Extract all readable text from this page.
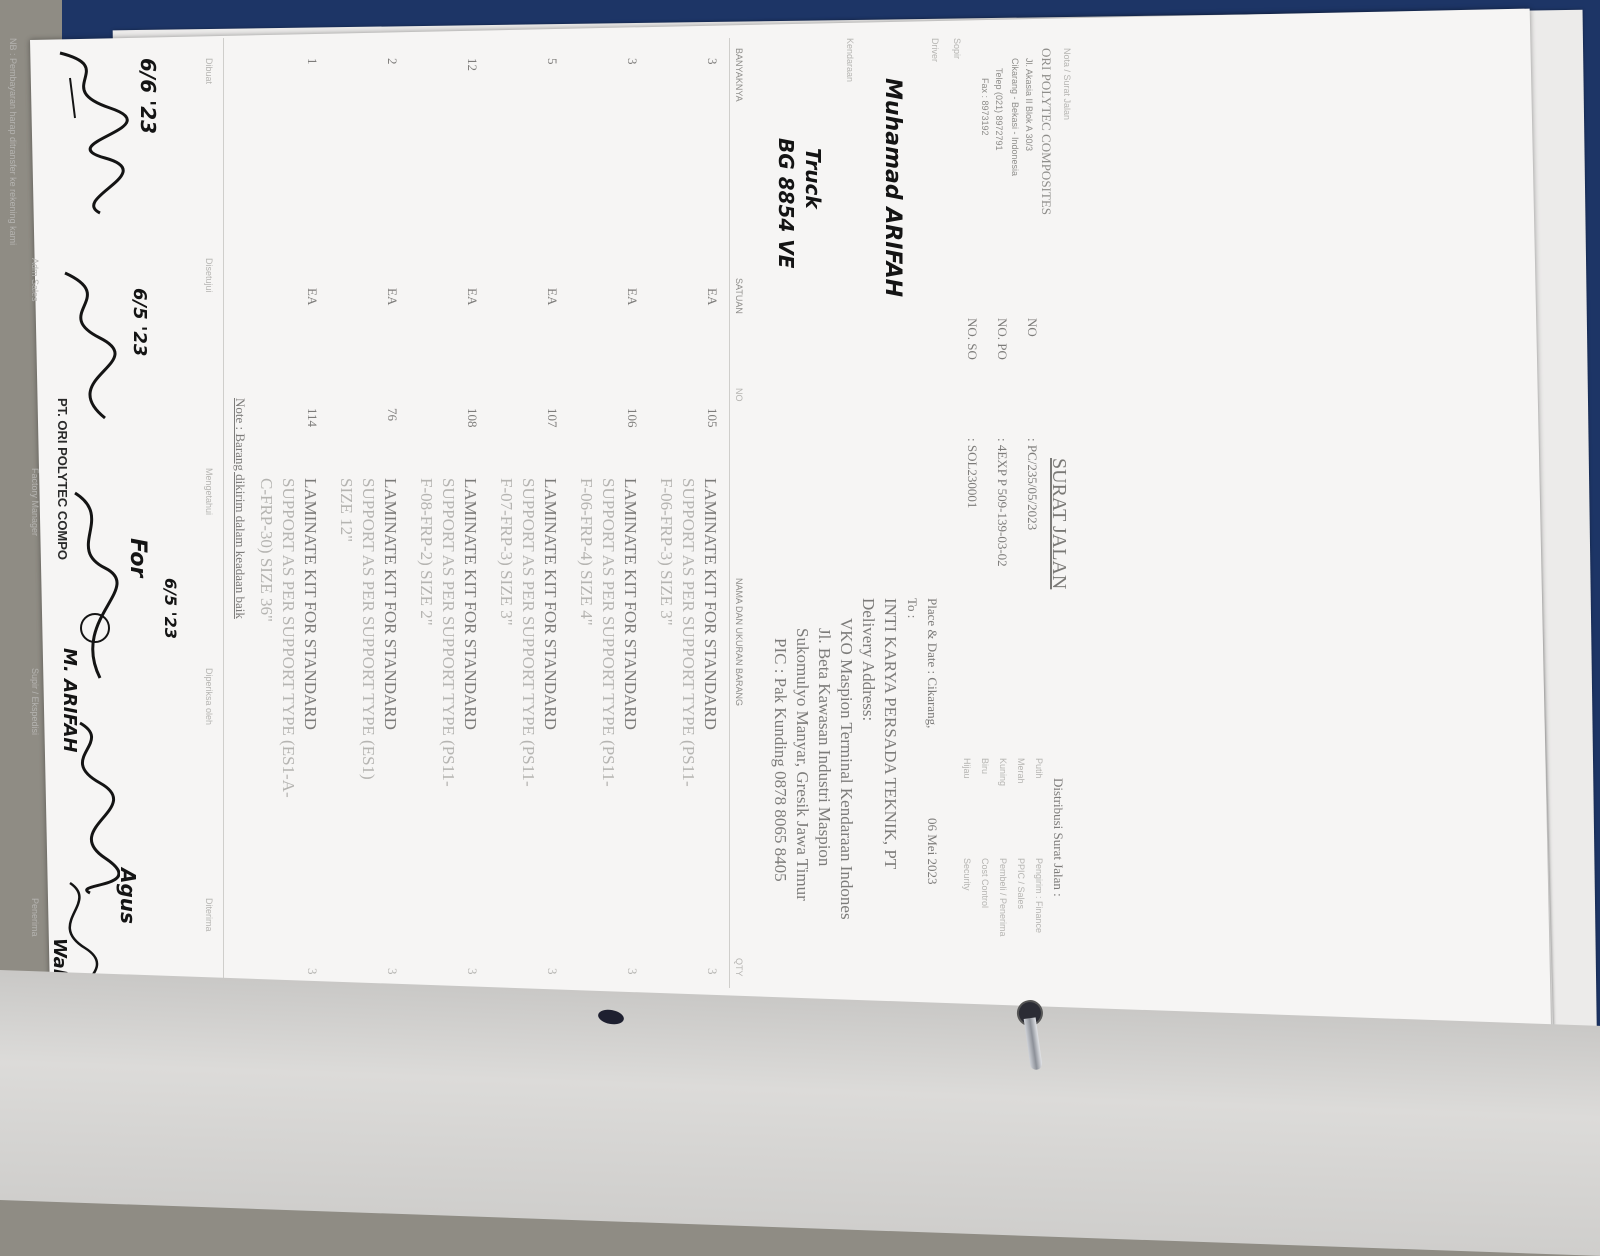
Nota / Surat Jalan
ORI POLYTEC COMPOSITES
Jl. Akasia II Blok A 30/3
Cikarang - Bekasi - Indonesia
Telep (021) 8972791
Fax : 8973192
SURAT JALAN
NO
: PC/235/05/2023
NO. PO
: 4EXP P 509-139-03-02
NO. SO
: SOL230001
Distribusi Surat Jalan :
Putih
Pengirim : Finance
Merah
PPIC / Sales
Kuning
Pembeli / Penerima
Biru
Cost Control
Hijau
Security
Sopir
Driver
Kendaraan
Place & Date : Cikarang,
06 Mei 2023
To :
INTI KARYA PERSADA TEKNIK, PT
Delivery Address:
VKO Maspion Terminal Kendaraan Indones
Jl. Beta Kawasan Industri Maspion
Sukomulyo Manyar, Gresik Jawa Timur
PIC : Pak Kunding 0878 8065 8405
Muhamad ARIFAH
Truck
BG 8854 VE
BANYAKNYA
SATUAN
NO
NAMA DAN UKURAN BARANG
QTY
3
EA
105
LAMINATE KIT FOR STANDARD
SUPPORT AS PER SUPPORT TYPE (PS11-
F-06-FRP-3) SIZE 3"
3
3
EA
106
LAMINATE KIT FOR STANDARD
SUPPORT AS PER SUPPORT TYPE (PS11-
F-06-FRP-4) SIZE 4"
3
5
EA
107
LAMINATE KIT FOR STANDARD
SUPPORT AS PER SUPPORT TYPE (PS11-
F-07-FRP-3) SIZE 3"
3
12
EA
108
LAMINATE KIT FOR STANDARD
SUPPORT AS PER SUPPORT TYPE (PS11-
F-08-FRP-2) SIZE 2"
3
2
EA
76
LAMINATE KIT FOR STANDARD
SUPPORT AS PER SUPPORT TYPE (ES1)
SIZE 12"
3
1
EA
114
LAMINATE KIT FOR STANDARD
SUPPORT AS PER SUPPORT TYPE (ES1-A-
C-FRP-30) SIZE 36"
3
Note : Barang dikirim dalam keadaan baik
Dibuat
Disetujui
Mengetahui
Diperiksa oleh
Diterima
PT. ORI POLYTEC COMPO
Adm Sales
Factory Manager
Supir / Ekspedisi
Penerima
NB : Pembayaran harap ditransfer ke rekening kami	6/6 '23
6/5 '23
For
6/5 '23
M. ARIFAH
Agus
